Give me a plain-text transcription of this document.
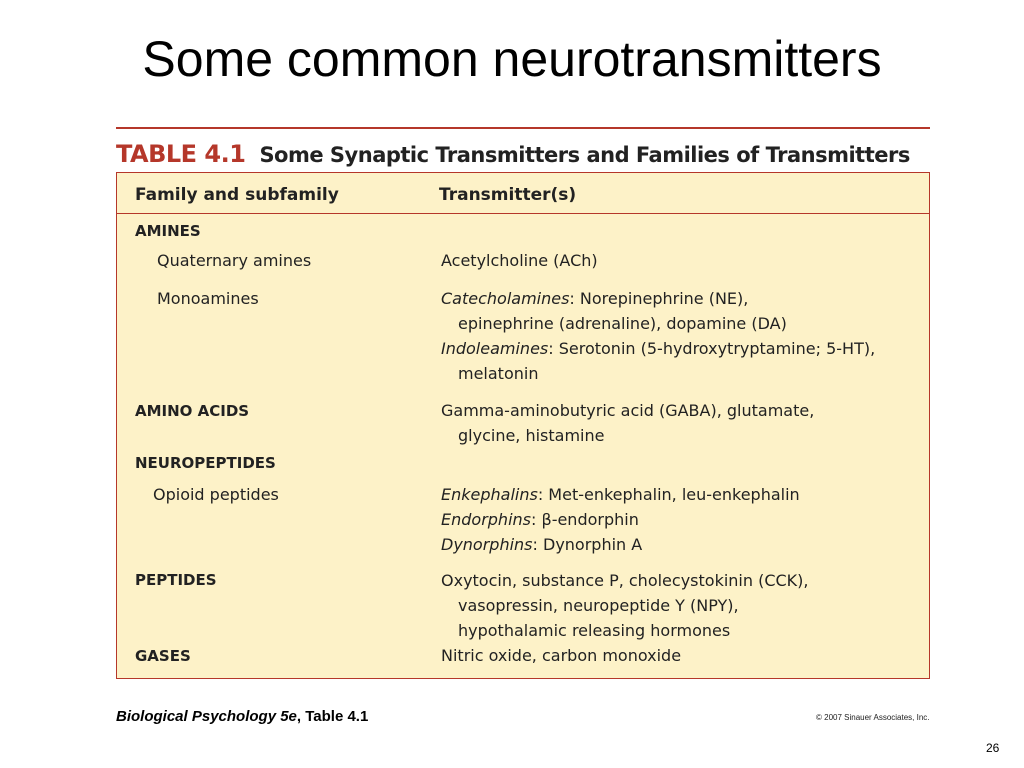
Some common neurotransmitters
TABLE 4.1 Some Synaptic Transmitters and Families of Transmitters
Family and subfamily	Transmitter(s)
AMINES
Quaternary amines	Acetylcholine (ACh)
Monoamines	Catecholamines: Norepinephrine (NE),
epinephrine (adrenaline), dopamine (DA)
Indoleamines: Serotonin (5-hydroxytryptamine; 5-HT),
melatonin
AMINO ACIDS	Gamma-aminobutyric acid (GABA), glutamate,
glycine, histamine
NEUROPEPTIDES
Opioid peptides	Enkephalins: Met-enkephalin, leu-enkephalin
Endorphins: β-endorphin
Dynorphins: Dynorphin A
PEPTIDES	Oxytocin, substance P, cholecystokinin (CCK),
vasopressin, neuropeptide Y (NPY),
hypothalamic releasing hormones
GASES	Nitric oxide, carbon monoxide
Biological Psychology 5e, Table 4.1	© 2007 Sinauer Associates, Inc.
26
